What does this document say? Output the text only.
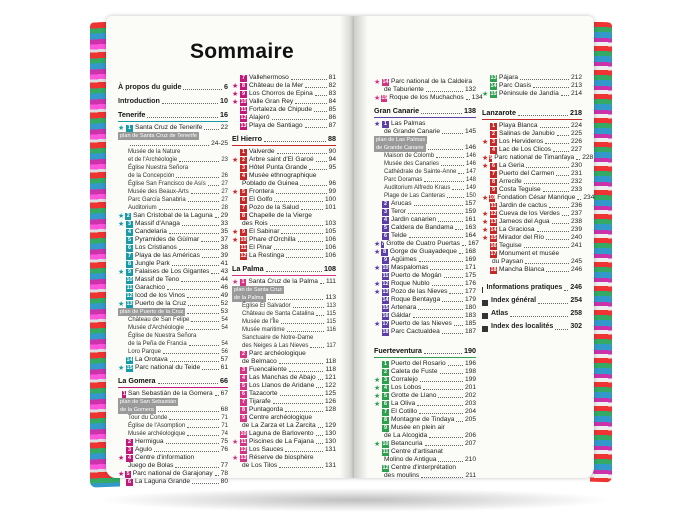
Sommaire
À propos du guide	6
Introduction	10
Tenerife	16
★ 1 Santa Cruz de Tenerife	22
plan de Santa Cruz de Tenerife
24-25
Musée de la Nature
et de l'Archéologie	23
Église Nuestra Señora
de la Concepción	26
Église San Francisco de Asís	27
Musée des Beaux-Arts	27
Parc García Sanabria	27
Auditorium	28
★ 2 San Cristobal de la Laguna 29
★ 3 Massif d'Anaga	33
4 Candelaria	35
5 Pyramides de Güímar	37
6 Los Cristianos	38
7 Playa de las Américas	39
8 Jungle Park	41
★ 9 Falaises de Los Gigantes 43
10 Massif de Teno	44
11 Garachico	46
12 Icod de los Vinos	49
★ 13 Puerto de la Cruz	52
plan de Puerto de la Cruz	53
Château de San Felipe	54
Musée d'Archéologie	54
Église de Nuestra Señora
de la Peña de Francia	54
Loro Parque	56
14 La Orotava	57
★ 15 Parc national du Teide	61
La Gomera	66
1 San Sebastián de la Gomera 67
plan de San Sebastián
de la Gomera	68
Tour du Conde	71
Église de l'Asomption	71
Musée archéologique	74
2 Hermigua	75
3 Agulo	76
★ 4 Centre d'information
Juego de Bolas	77
★ 5 Parc national de Garajonay 78
6 La Laguna Grande	80
7 Vallehermoso	81
★ 8 Château de la Mer	82
★ 9 Los Chorros de Epina 83
★ 10 Valle Gran Rey	84
11 Fortaleza de Chipude	85
12 Alajeró	86
13 Playa de Santiago	87
El Hierro	88
1 Valverde	90
★ 2 Arbre saint d'El Garoé 94
3 Hôtel Punta Grande	95
4 Musée ethnographique
Poblado de Guinea	96
★ 5 Frontera	99
6 El Golfo	100
7 Pozo de la Salud	101
8 Chapelle de la Vierge
des Rois	103
★ 9 El Sabinar	105
★ 10 Phare d'Orchilla	106
11 El Pinar	106
12 La Restinga	106
La Palma	108
★ 1 Santa Cruz de la Palma 111
plan de Santa Cruz
de la Palma	113
Église El Salvador	113
Château de Santa Catalina 115
Musée de l'Île	115
Musée maritime	116
Sanctuaire de Notre-Dame
des Neiges à Las Nieves	117
2 Parc archéologique
de Belmaco	118
3 Fuencaliente	118
4 Las Manchas de Abajo 121
5 Los Llanos de Aridane 122
6 Tazacorte	125
7 Tijarafe	126
8 Puntagorda	128
9 Centre archéologique
de La Zarza et La Zarcita 129
10 Laguna de Barlovento 130
★ 11 Piscines de La Fajana 130
12 Los Sauces	131
★ 13 Réserve de biosphère
de Los Tilos	131
★ 14 Parc national de la Caldeira
de Taburiente	132
★ 15 Roque de los Muchachos 134
Gran Canarie	138
★ 1 Las Palmas
de Grande Canarie	145
plan de Las Palmas
de Grande Canarie	146
Maison de Colomb	146
Musée des Canaries	146
Cathédrale de Sainte-Anne 147
Parc Doramas	148
Auditorium Alfredo Kraus	149
Plage de Las Canteras	150
2 Arucas	157
3 Teror	159
4 Jardin canarien	161
5 Caldera de Bandama 163
6 Telde	164
★ 7 Grotte de Cuatro Puertas 167
★ 8 Gorge de Guayadeque 168
9 Agüimes	169
★ 10 Maspalomas	171
11 Puerto de Mogán	175
★ 12 Roque Nublo	176
★ 13 Pozo de las Nieves	177
14 Roque Bentayga	179
15 Artenara	180
16 Gáldar	183
★ 17 Puerto de las Nieves 185
18 Parc Cactualdea	187
Fuerteventura	190
1 Puerto del Rosario	196
2 Caleta de Fuste	198
★ 3 Corralejo	199
★ 4 Los Lobos	201
★ 5 Grotte de Llano	202
★ 6 La Oliva	203
7 El Cotillo	204
8 Montagne de Tindaya 205
9 Musée en plein air
de La Alcogida	206
★ 10 Betancuria	207
11 Centre d'artisanat
Molino de Antigua	210
12 Centre d'interprétation
des moulins	211
13 Pájara	212
14 Parc Oasis	213
★ 15 Péninsule de Jandía 214
Lanzarote	218
1 Playa Blanca	224
2 Salinas de Janubio 225
★ 3 Los Hervideros	226
4 Lac de Los Clicos	227
★ 5 Parc national de Timanfaya 228
★ 6 La Geria	230
7 Puerto del Carmen	231
8 Arrecife	232
9 Costa Teguise	233
★ 10 Fondation César Manrique 234
11 Jardin de cactus	236
★ 12 Cueva de los Verdes 237
★ 13 Jameos del Agua	238
★ 14 La Graciosa	239
★ 15 Mirador del Río	240
16 Teguise	241
17 Monument et musée
du Paysan	245
18 Mancha Blanca	246
Informations pratiques 246
Index général	254
Atlas	258
Index des localités 302
